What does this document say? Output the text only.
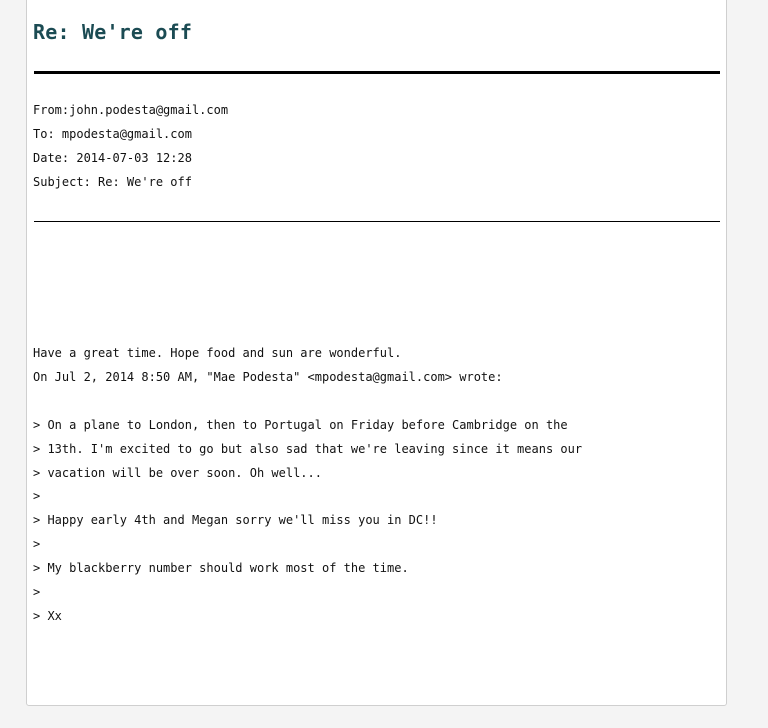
Re: We're off
From:john.podesta@gmail.com
To: mpodesta@gmail.com
Date: 2014-07-03 12:28
Subject: Re: We're off
Have a great time. Hope food and sun are wonderful.
On Jul 2, 2014 8:50 AM, "Mae Podesta" <mpodesta@gmail.com> wrote:
> On a plane to London, then to Portugal on Friday before Cambridge on the
> 13th. I'm excited to go but also sad that we're leaving since it means our
> vacation will be over soon. Oh well...
>
> Happy early 4th and Megan sorry we'll miss you in DC!!
>
> My blackberry number should work most of the time.
>
> Xx
